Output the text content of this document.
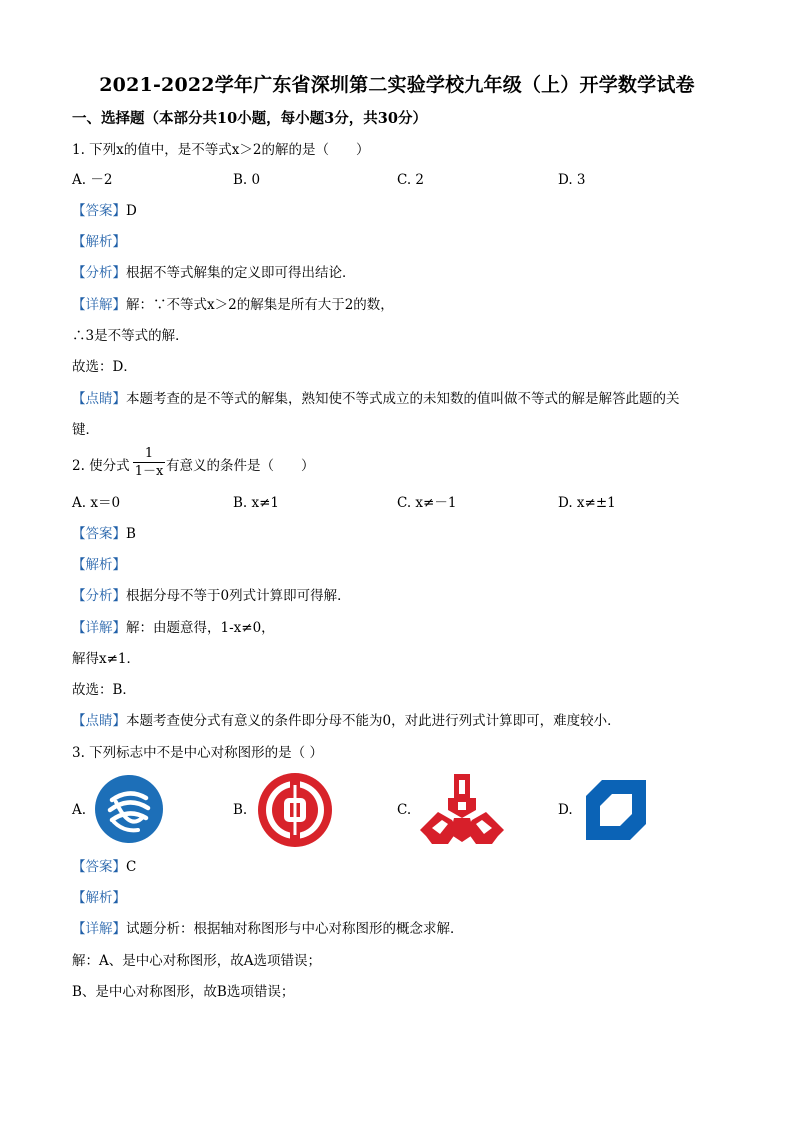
2021-2022学年广东省深圳第二实验学校九年级（上）开学数学试卷
一、选择题（本部分共10小题，每小题3分，共30分）
1. 下列x的值中，是不等式x＞2的解的是（　　）
A. －2	B. 0	C. 2	D. 3
【答案】D
【解析】
【分析】根据不等式解集的定义即可得出结论．
【详解】解：∵不等式x＞2的解集是所有大于2的数，
∴3是不等式的解．
故选：D．
【点睛】本题考查的是不等式的解集，熟知使不等式成立的未知数的值叫做不等式的解是解答此题的关
键．
2. 使分式
1
1－x 有意义的条件是（　　）
A. x＝0	B. x≠1	C. x≠－1	D. x≠±1
【答案】B
【解析】
【分析】根据分母不等于0列式计算即可得解．
【详解】解：由题意得，1-x≠0，
解得x≠1．
故选：B．
【点睛】本题考查使分式有意义的条件即分母不能为0，对此进行列式计算即可，难度较小．
3. 下列标志中不是中心对称图形的是（ ）
A.	B.	C.	D.
【答案】C
【解析】
【详解】试题分析：根据轴对称图形与中心对称图形的概念求解．
解：A、是中心对称图形，故A选项错误；
B、是中心对称图形，故B选项错误；
